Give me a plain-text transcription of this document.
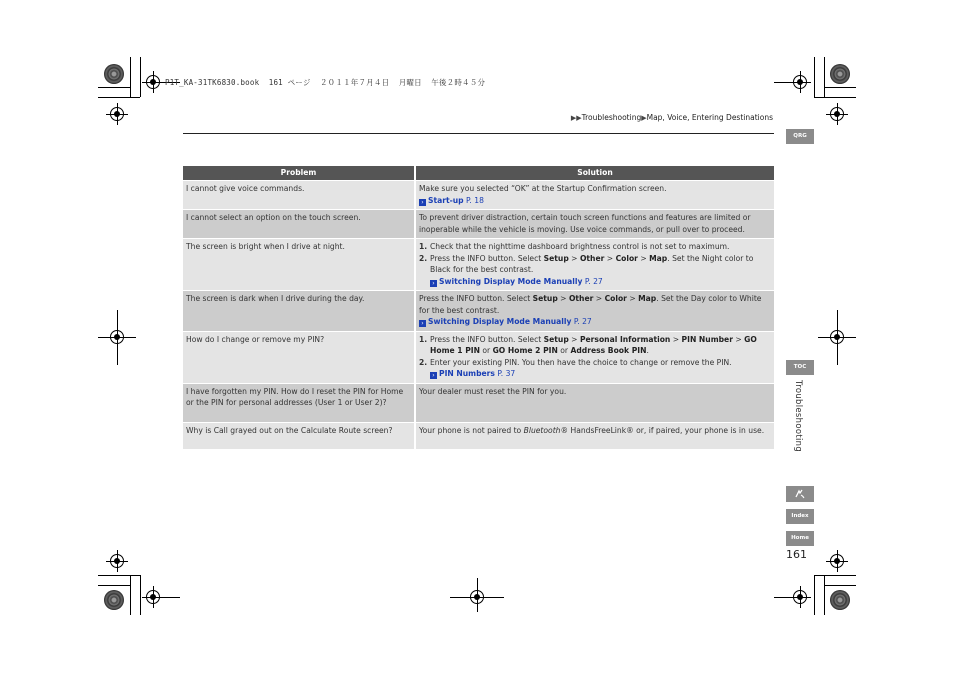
P1T_KA-31TK6830.book  161 ページ  ２０１１年７月４日  月曜日  午後２時４５分
▶▶Troubleshooting▶Map, Voice, Entering Destinations
QRG
TOC
Troubleshooting
Index
Home
161
Problem	Solution
I cannot give voice commands.	Make sure you selected “OK” at the Startup Confirmation screen.
› Start-up P. 18

I cannot select an option on the touch screen.	To prevent driver distraction, certain touch screen functions and features are limited or inoperable while the vehicle is moving. Use voice commands, or pull over to proceed.
The screen is bright when I drive at night.	1. Check that the nighttime dashboard brightness control is not set to maximum.
2. Press the INFO button. Select Setup > Other > Color > Map. Set the Night color to Black for the best contrast.
› Switching Display Mode Manually P. 27

The screen is dark when I drive during the day.	Press the INFO button. Select Setup > Other > Color > Map. Set the Day color to White for the best contrast.
› Switching Display Mode Manually P. 27

How do I change or remove my PIN?	1. Press the INFO button. Select Setup > Personal Information > PIN Number > GO Home 1 PIN or GO Home 2 PIN or Address Book PIN.
2. Enter your existing PIN. You then have the choice to change or remove the PIN.
› PIN Numbers P. 37

I have forgotten my PIN. How do I reset the PIN for Home or the PIN for personal addresses (User 1 or User 2)?	Your dealer must reset the PIN for you.
Why is Call grayed out on the Calculate Route screen?	Your phone is not paired to Bluetooth® HandsFreeLink® or, if paired, your phone is in use.
